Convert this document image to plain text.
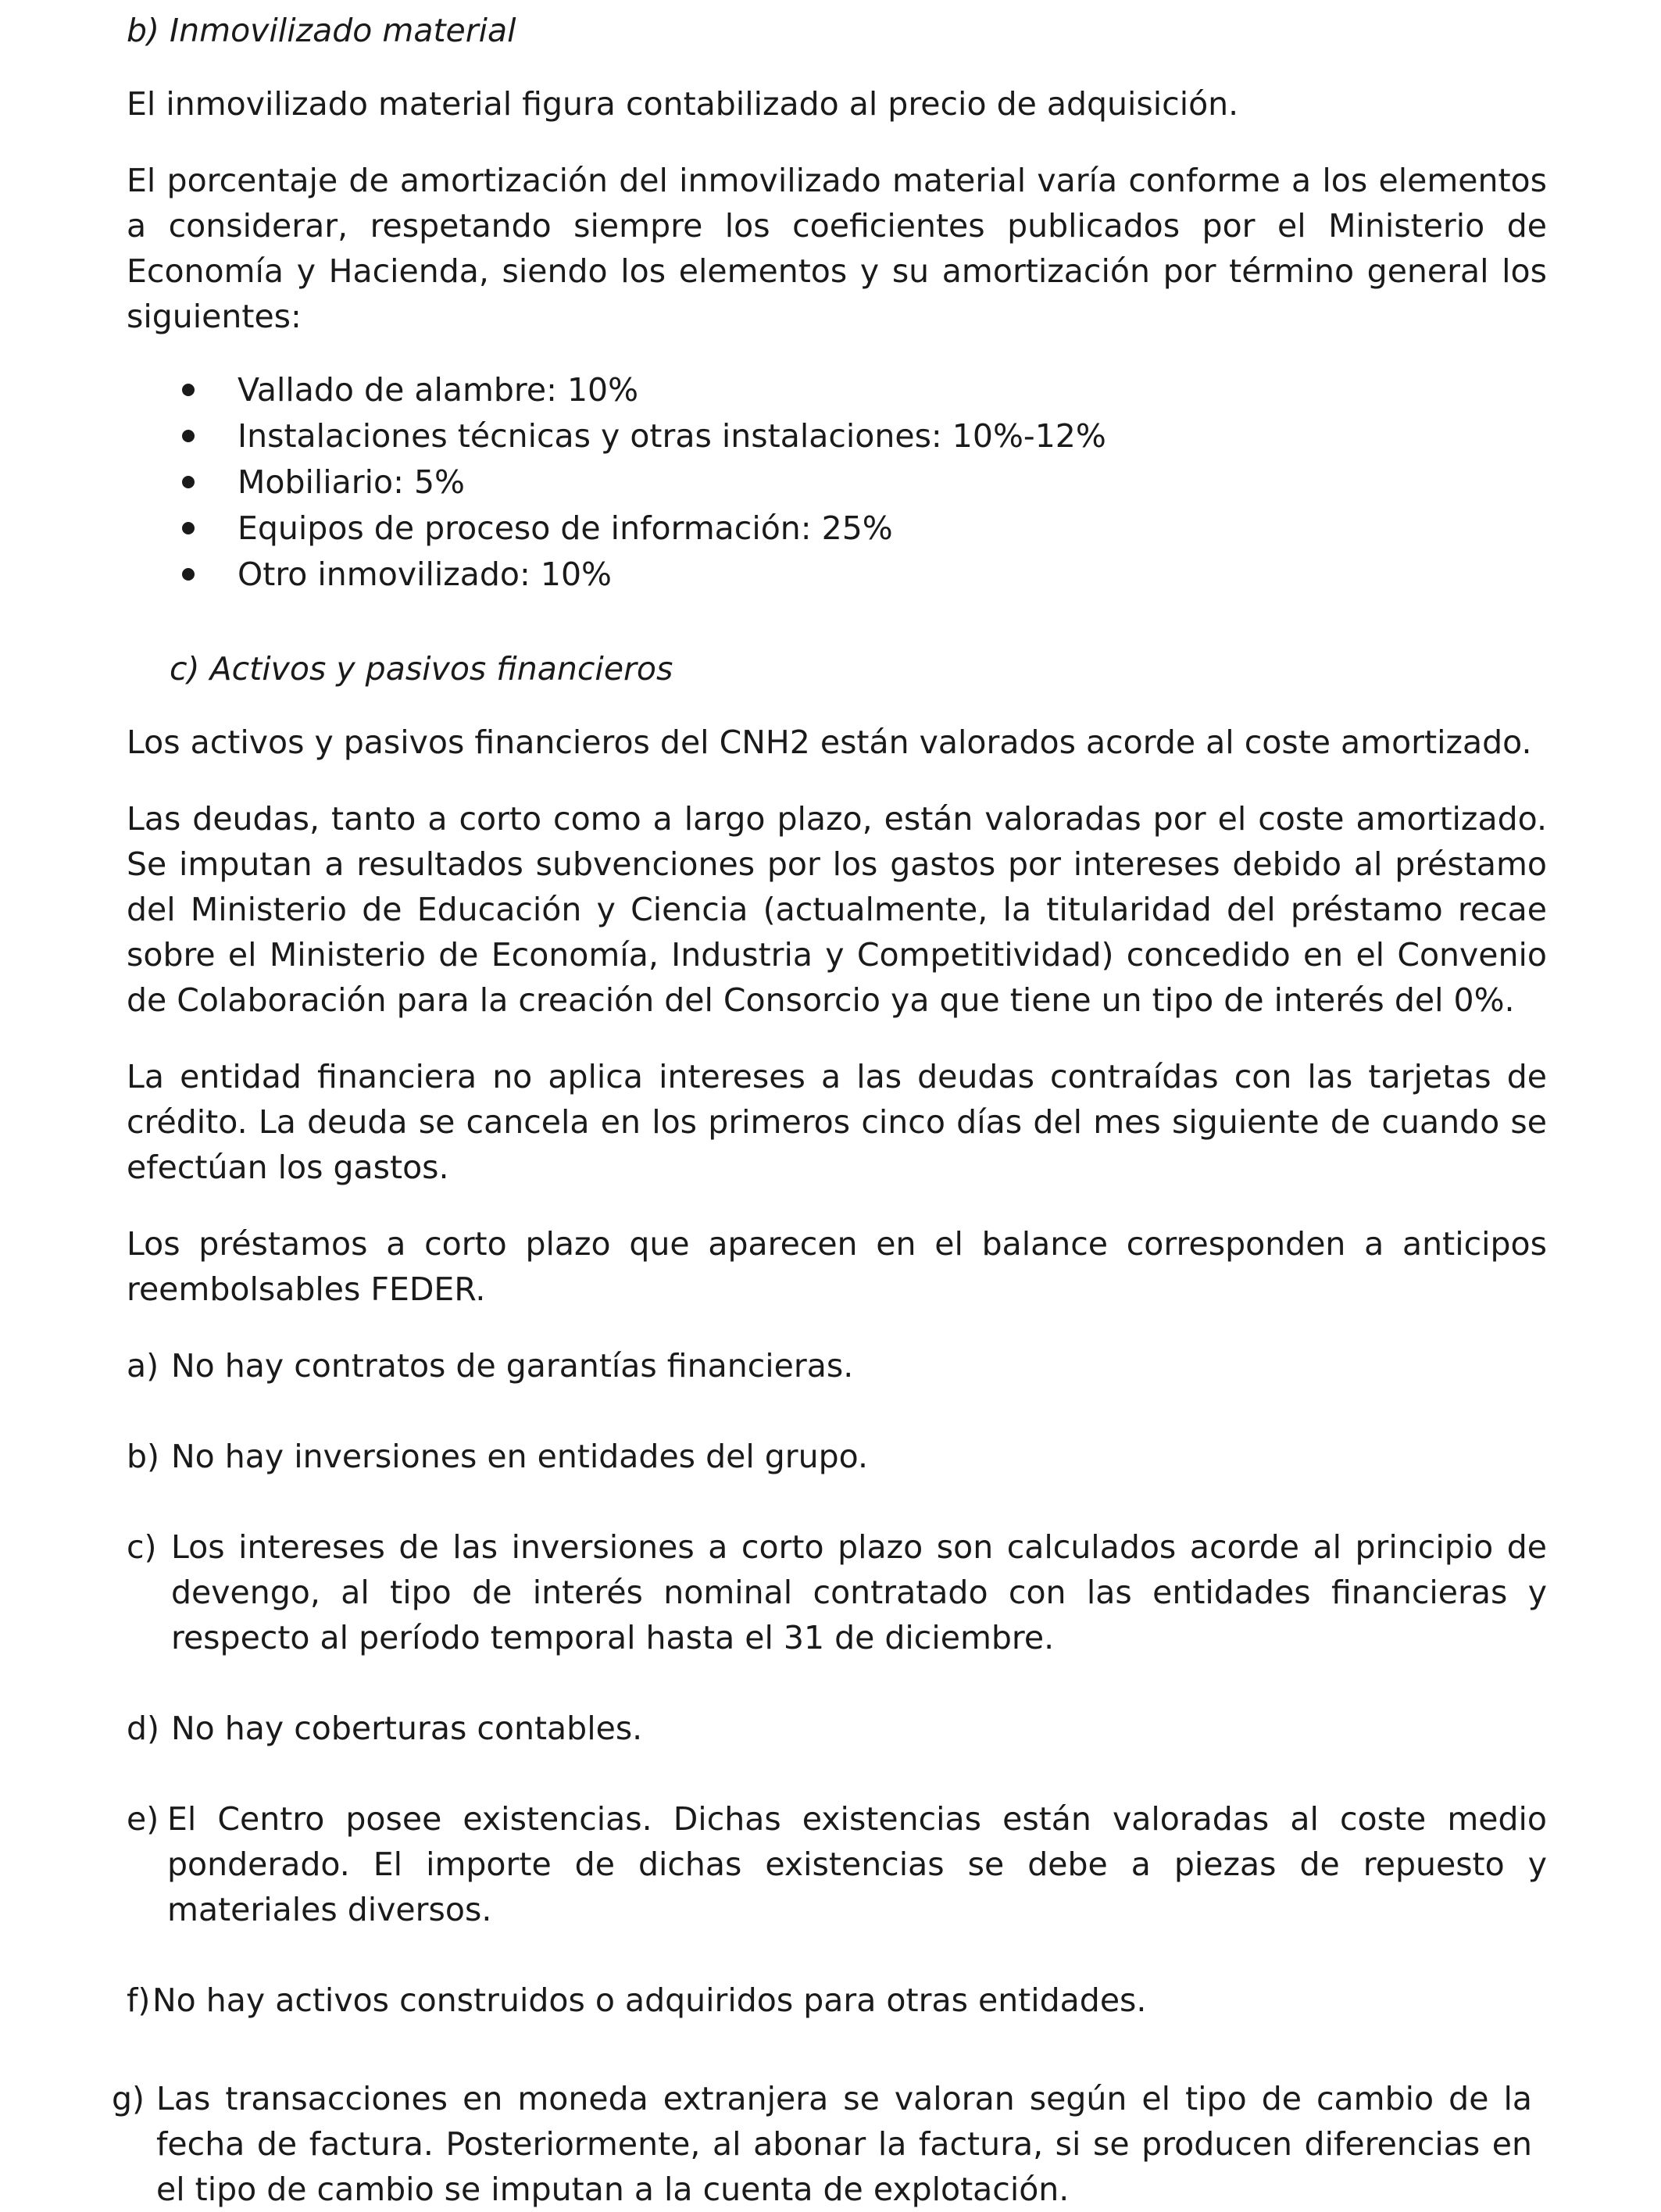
b) Inmovilizado material

El inmovilizado material figura contabilizado al precio de adquisición.

El porcentaje de amortización del inmovilizado material varía conforme a los elementos a considerar, respetando siempre los coeficientes publicados por el Ministerio de Economía y Hacienda, siendo los elementos y su amortización por término general los siguientes:

Vallado de alambre: 10%
Instalaciones técnicas y otras instalaciones: 10%-12%
Mobiliario: 5%
Equipos de proceso de información: 25%
Otro inmovilizado: 10%

c) Activos y pasivos financieros

Los activos y pasivos financieros del CNH2 están valorados acorde al coste amortizado.

Las deudas, tanto a corto como a largo plazo, están valoradas por el coste amortizado. Se imputan a resultados subvenciones por los gastos por intereses debido al préstamo del Ministerio de Educación y Ciencia (actualmente, la titularidad del préstamo recae sobre el Ministerio de Economía, Industria y Competitividad) concedido en el Convenio de Colaboración para la creación del Consorcio ya que tiene un tipo de interés del 0%.

La entidad financiera no aplica intereses a las deudas contraídas con las tarjetas de crédito. La deuda se cancela en los primeros cinco días del mes siguiente de cuando se efectúan los gastos.

Los préstamos a corto plazo que aparecen en el balance corresponden a anticipos reembolsables FEDER.

a) No hay contratos de garantías financieras.
b) No hay inversiones en entidades del grupo.
c) Los intereses de las inversiones a corto plazo son calculados acorde al principio de devengo, al tipo de interés nominal contratado con las entidades financieras y respecto al período temporal hasta el 31 de diciembre.
d) No hay coberturas contables.
e) El Centro posee existencias. Dichas existencias están valoradas al coste medio ponderado. El importe de dichas existencias se debe a piezas de repuesto y materiales diversos.
f) No hay activos construidos o adquiridos para otras entidades.
g) Las transacciones en moneda extranjera se valoran según el tipo de cambio de la fecha de factura. Posteriormente, al abonar la factura, si se producen diferencias en el tipo de cambio se imputan a la cuenta de explotación.
